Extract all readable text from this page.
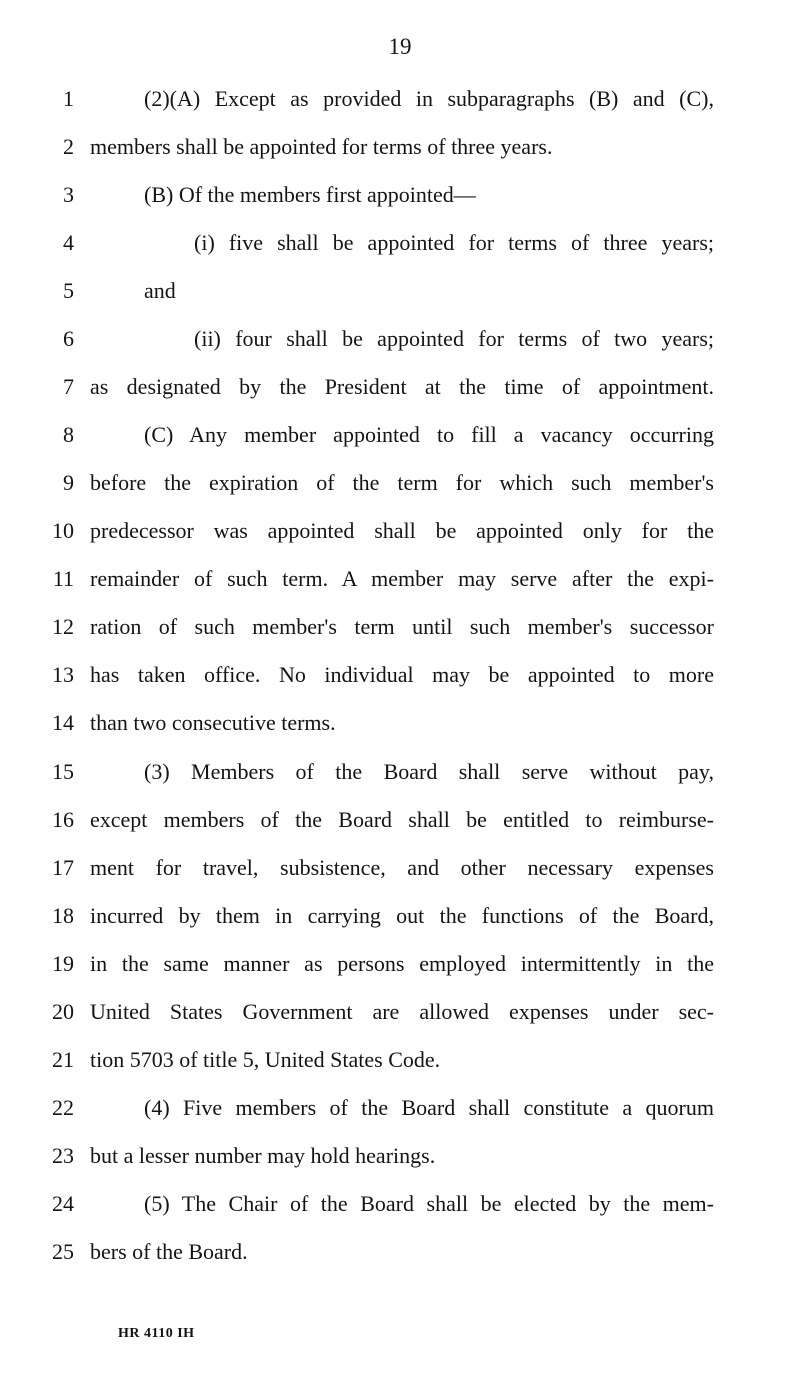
19
1	(2)(A) Except as provided in subparagraphs (B) and (C),
2 members shall be appointed for terms of three years.
3	(B) Of the members first appointed—
4	(i) five shall be appointed for terms of three years;
5	and
6	(ii) four shall be appointed for terms of two years;
7 as designated by the President at the time of appointment.
8	(C) Any member appointed to fill a vacancy occurring
9 before the expiration of the term for which such member's
10 predecessor was appointed shall be appointed only for the
11 remainder of such term. A member may serve after the expi-
12 ration of such member's term until such member's successor
13 has taken office. No individual may be appointed to more
14 than two consecutive terms.
15	(3) Members of the Board shall serve without pay,
16 except members of the Board shall be entitled to reimburse-
17 ment for travel, subsistence, and other necessary expenses
18 incurred by them in carrying out the functions of the Board,
19 in the same manner as persons employed intermittently in the
20 United States Government are allowed expenses under sec-
21 tion 5703 of title 5, United States Code.
22	(4) Five members of the Board shall constitute a quorum
23 but a lesser number may hold hearings.
24	(5) The Chair of the Board shall be elected by the mem-
25 bers of the Board.
HR 4110 IH
